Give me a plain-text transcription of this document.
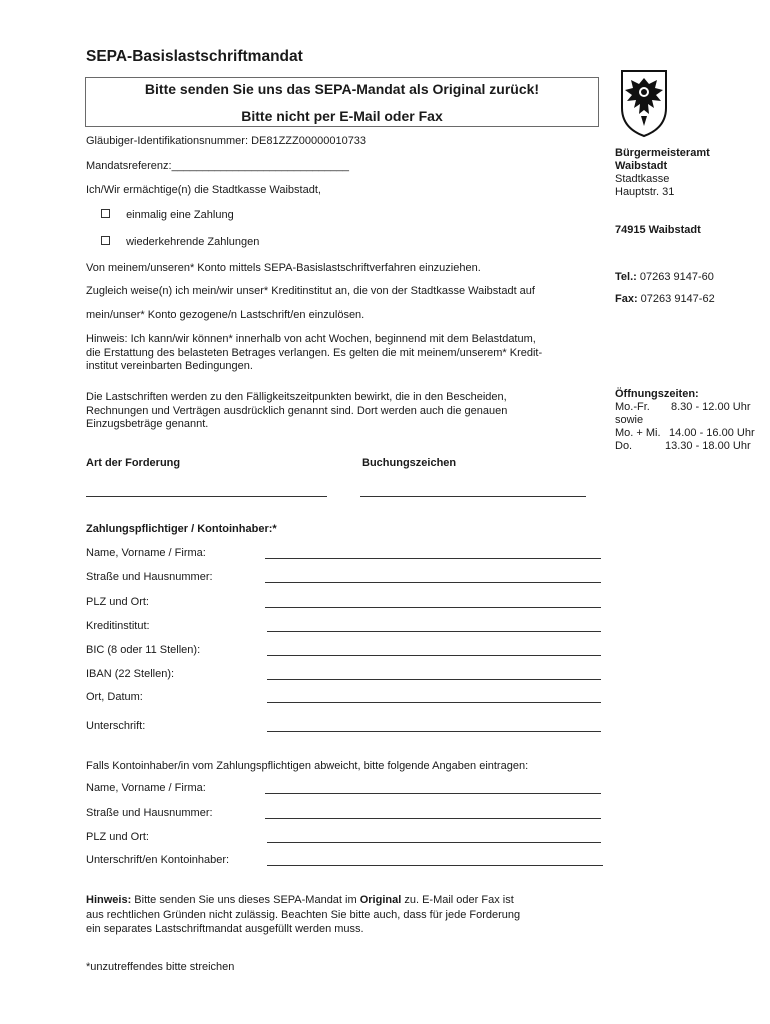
SEPA-Basislastschriftmandat
Bitte senden Sie uns das SEPA-Mandat als Original zurück!
Bitte nicht per E-Mail oder Fax
Gläubiger-Identifikationsnummer: DE81ZZZ00000010733
Mandatsreferenz:_____________________________
Ich/Wir ermächtige(n) die Stadtkasse Waibstadt,
einmalig eine Zahlung
wiederkehrende Zahlungen
Von meinem/unseren* Konto mittels SEPA-Basislastschriftverfahren einzuziehen.
Zugleich weise(n) ich mein/wir unser* Kreditinstitut an, die von der Stadtkasse Waibstadt auf
mein/unser* Konto gezogene/n Lastschrift/en einzulösen.
Hinweis: Ich kann/wir können* innerhalb von acht Wochen, beginnend mit dem Belastdatum,
die Erstattung des belasteten Betrages verlangen. Es gelten die mit meinem/unserem* Kredit-
institut vereinbarten Bedingungen.
Die Lastschriften werden zu den Fälligkeitszeitpunkten bewirkt, die in den Bescheiden,
Rechnungen und Verträgen ausdrücklich genannt sind. Dort werden auch die genauen
Einzugsbeträge genannt.
Art der Forderung	Buchungszeichen
Zahlungspflichtiger / Kontoinhaber:*
Name, Vorname / Firma:
Straße und Hausnummer:
PLZ und Ort:
Kreditinstitut:
BIC (8 oder 11 Stellen):
IBAN (22 Stellen):
Ort, Datum:
Unterschrift:
Falls Kontoinhaber/in vom Zahlungspflichtigen abweicht, bitte folgende Angaben eintragen:
Name, Vorname / Firma:
Straße und Hausnummer:
PLZ und Ort:
Unterschrift/en Kontoinhaber:
Hinweis: Bitte senden Sie uns dieses SEPA-Mandat im Original zu. E-Mail oder Fax ist
aus rechtlichen Gründen nicht zulässig. Beachten Sie bitte auch, dass für jede Forderung
ein separates Lastschriftmandat ausgefüllt werden muss.
*unzutreffendes bitte streichen
Bürgermeisteramt
Waibstadt
Stadtkasse
Hauptstr. 31
74915 Waibstadt
Tel.: 07263 9147-60
Fax: 07263 9147-62
Öffnungszeiten:
Mo.-Fr.	8.30 - 12.00 Uhr
sowie
Mo. + Mi. 14.00 - 16.00 Uhr
Do.	13.30 - 18.00 Uhr
